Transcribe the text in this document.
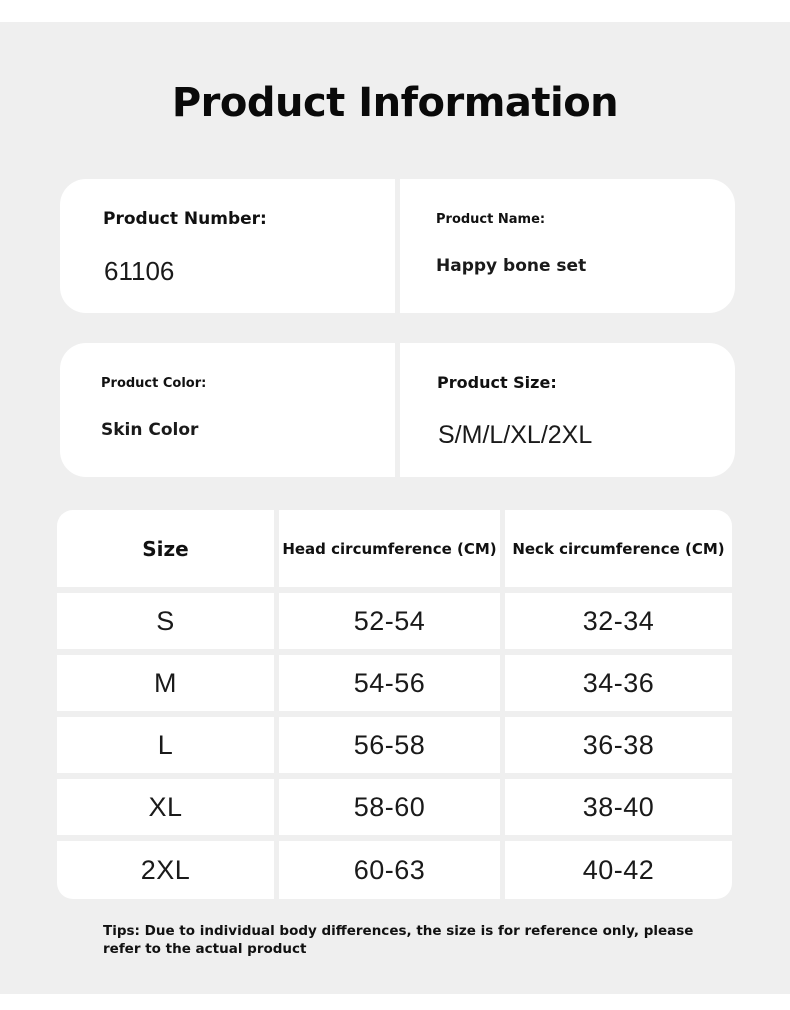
Product Information
Product Number:
61106
Product Name:
Happy bone set
Product Color:
Skin Color
Product Size:
S/M/L/XL/2XL
Size	Head circumference (CM)	Neck circumference (CM)
S	52-54	32-34
M	54-56	34-36
L	56-58	36-38
XL	58-60	38-40
2XL	60-63	40-42
Tips: Due to individual body differences, the size is for reference only, please refer to the actual product
